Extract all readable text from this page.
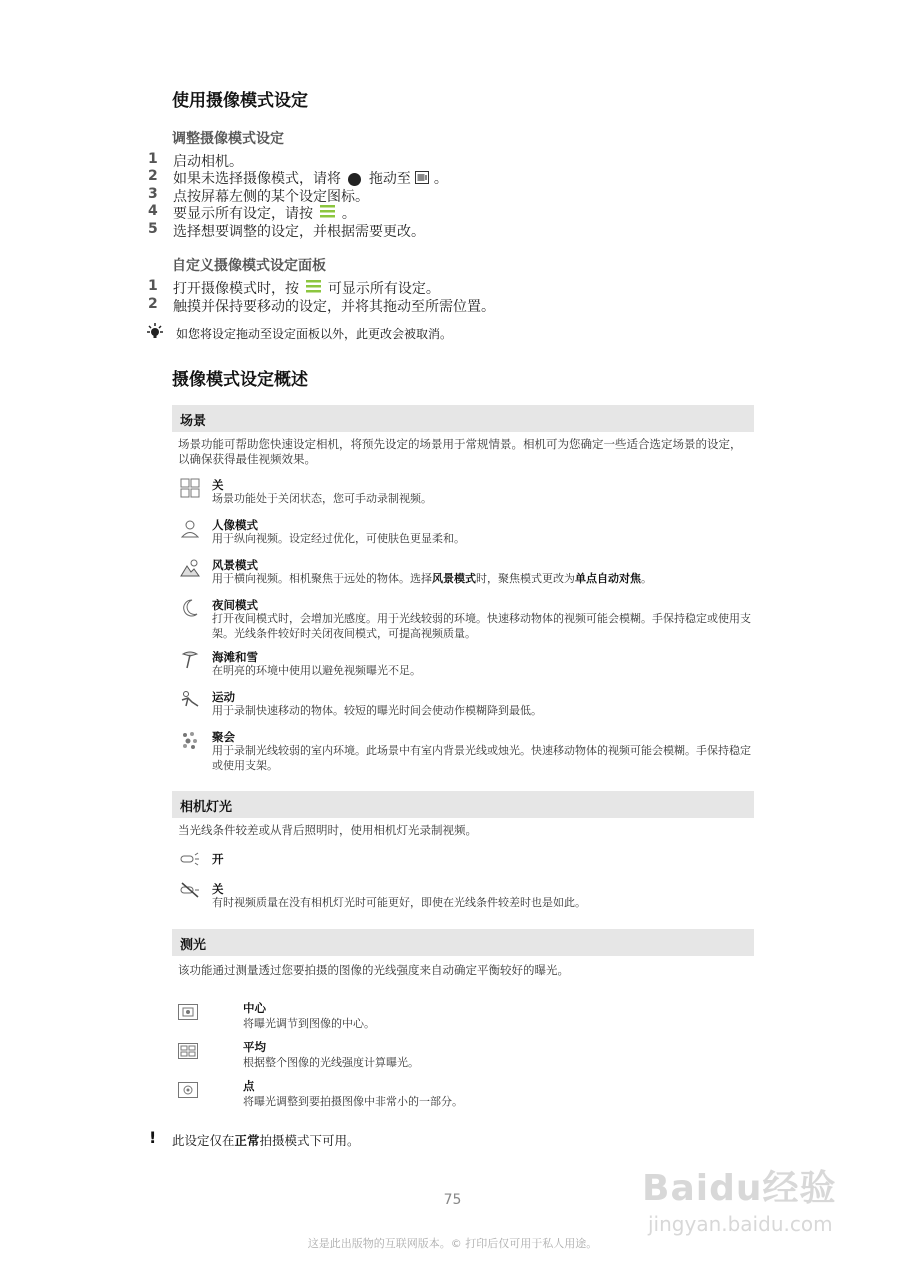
使用摄像模式设定
调整摄像模式设定
1	启动相机。
2	如果未选择摄像模式，请将 拖动至 。
3	点按屏幕左侧的某个设定图标。
4	要显示所有设定，请按 。
5	选择想要调整的设定，并根据需要更改。
自定义摄像模式设定面板
1	打开摄像模式时，按 可显示所有设定。
2	触摸并保持要移动的设定，并将其拖动至所需位置。
如您将设定拖动至设定面板以外，此更改会被取消。
摄像模式设定概述
场景
场景功能可帮助您快速设定相机，将预先设定的场景用于常规情景。相机可为您确定一些适合选定场景的设定，以确保获得最佳视频效果。
关
场景功能处于关闭状态，您可手动录制视频。
人像模式
用于纵向视频。设定经过优化，可使肤色更显柔和。
风景模式
用于横向视频。相机聚焦于远处的物体。选择风景模式时，聚焦模式更改为单点自动对焦。
夜间模式
打开夜间模式时，会增加光感度。用于光线较弱的环境。快速移动物体的视频可能会模糊。手保持稳定或使用支架。光线条件较好时关闭夜间模式，可提高视频质量。
海滩和雪
在明亮的环境中使用以避免视频曝光不足。
运动
用于录制快速移动的物体。较短的曝光时间会使动作模糊降到最低。
聚会
用于录制光线较弱的室内环境。此场景中有室内背景光线或烛光。快速移动物体的视频可能会模糊。手保持稳定或使用支架。
相机灯光
当光线条件较差或从背后照明时，使用相机灯光录制视频。
开
关
有时视频质量在没有相机灯光时可能更好，即使在光线条件较差时也是如此。
测光
该功能通过测量透过您要拍摄的图像的光线强度来自动确定平衡较好的曝光。
中心
将曝光调节到图像的中心。
平均
根据整个图像的光线强度计算曝光。
点
将曝光调整到要拍摄图像中非常小的一部分。
! 此设定仅在正常拍摄模式下可用。
75	Baidu经验
jingyan.baidu.com
这是此出版物的互联网版本。© 打印后仅可用于私人用途。
